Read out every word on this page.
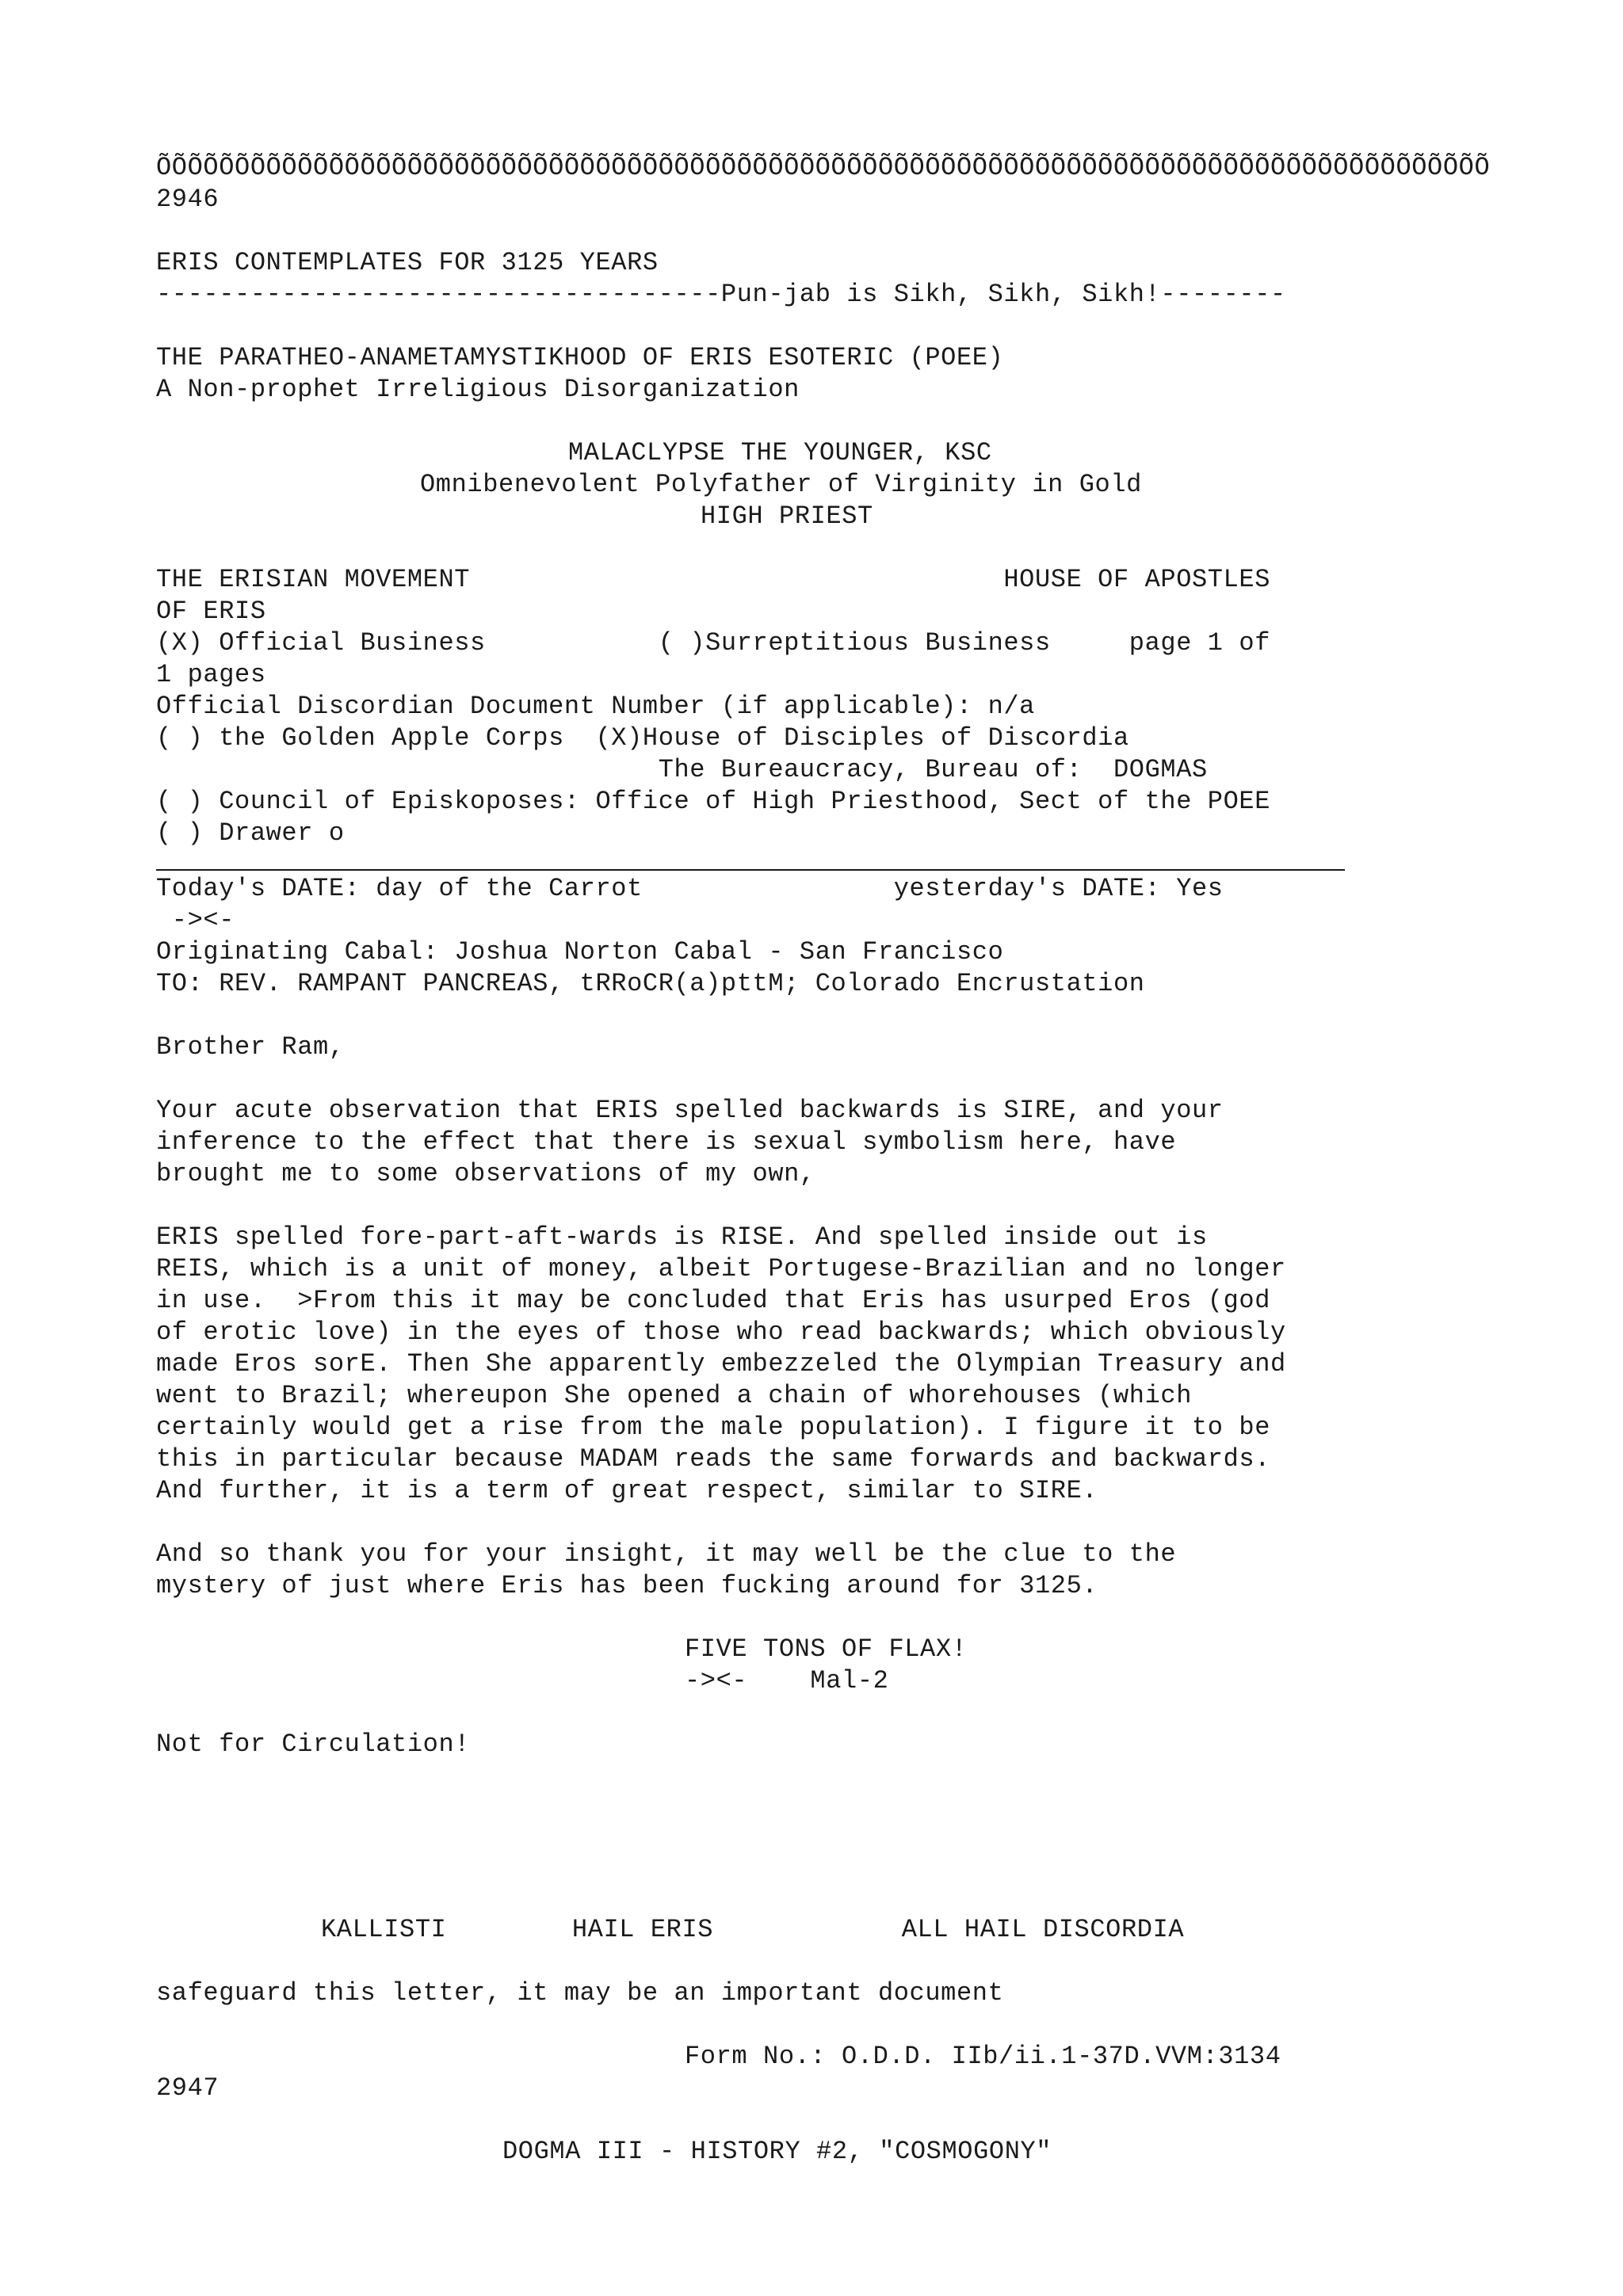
ÕÕÕÕÕÕÕÕÕÕÕÕÕÕÕÕÕÕÕÕÕÕÕÕÕÕÕÕÕÕÕÕÕÕÕÕÕÕÕÕÕÕÕÕÕÕÕÕÕÕÕÕÕÕÕÕÕÕÕÕÕÕÕÕÕÕÕÕÕÕÕÕÕÕÕÕÕÕÕÕÕÕÕÕÕ
2946
ERIS CONTEMPLATES FOR 3125 YEARS
------------------------------------Pun-jab is Sikh, Sikh, Sikh!--------
THE PARATHEO-ANAMETAMYSTIKHOOD OF ERIS ESOTERIC (POEE)
A Non-prophet Irreligious Disorganization
MALACLYPSE THE YOUNGER, KSC
Omnibenevolent Polyfather of Virginity in Gold
HIGH PRIEST
THE ERISIAN MOVEMENT                                  HOUSE OF APOSTLES
OF ERIS
(X) Official Business           ( )Surreptitious Business     page 1 of
1 pages
Official Discordian Document Number (if applicable): n/a
( ) the Golden Apple Corps  (X)House of Disciples of Discordia
The Bureaucracy, Bureau of:  DOGMAS
( ) Council of Episkoposes: Office of High Priesthood, Sect of the POEE
( ) Drawer o
Today's DATE: day of the Carrot                yesterday's DATE: Yes
-><-
Originating Cabal: Joshua Norton Cabal - San Francisco
TO: REV. RAMPANT PANCREAS, tRRoCR(a)pttM; Colorado Encrustation
Brother Ram,
Your acute observation that ERIS spelled backwards is SIRE, and your
inference to the effect that there is sexual symbolism here, have
brought me to some observations of my own,
ERIS spelled fore-part-aft-wards is RISE. And spelled inside out is
REIS, which is a unit of money, albeit Portugese-Brazilian and no longer
in use.  >From this it may be concluded that Eris has usurped Eros (god
of erotic love) in the eyes of those who read backwards; which obviously
made Eros sorE. Then She apparently embezzeled the Olympian Treasury and
went to Brazil; whereupon She opened a chain of whorehouses (which
certainly would get a rise from the male population). I figure it to be
this in particular because MADAM reads the same forwards and backwards.
And further, it is a term of great respect, similar to SIRE.
And so thank you for your insight, it may well be the clue to the
mystery of just where Eris has been fucking around for 3125.
FIVE TONS OF FLAX!
-><-    Mal-2
Not for Circulation!
KALLISTI        HAIL ERIS            ALL HAIL DISCORDIA
safeguard this letter, it may be an important document
Form No.: O.D.D. IIb/ii.1-37D.VVM:3134
2947
DOGMA III - HISTORY #2, "COSMOGONY"
